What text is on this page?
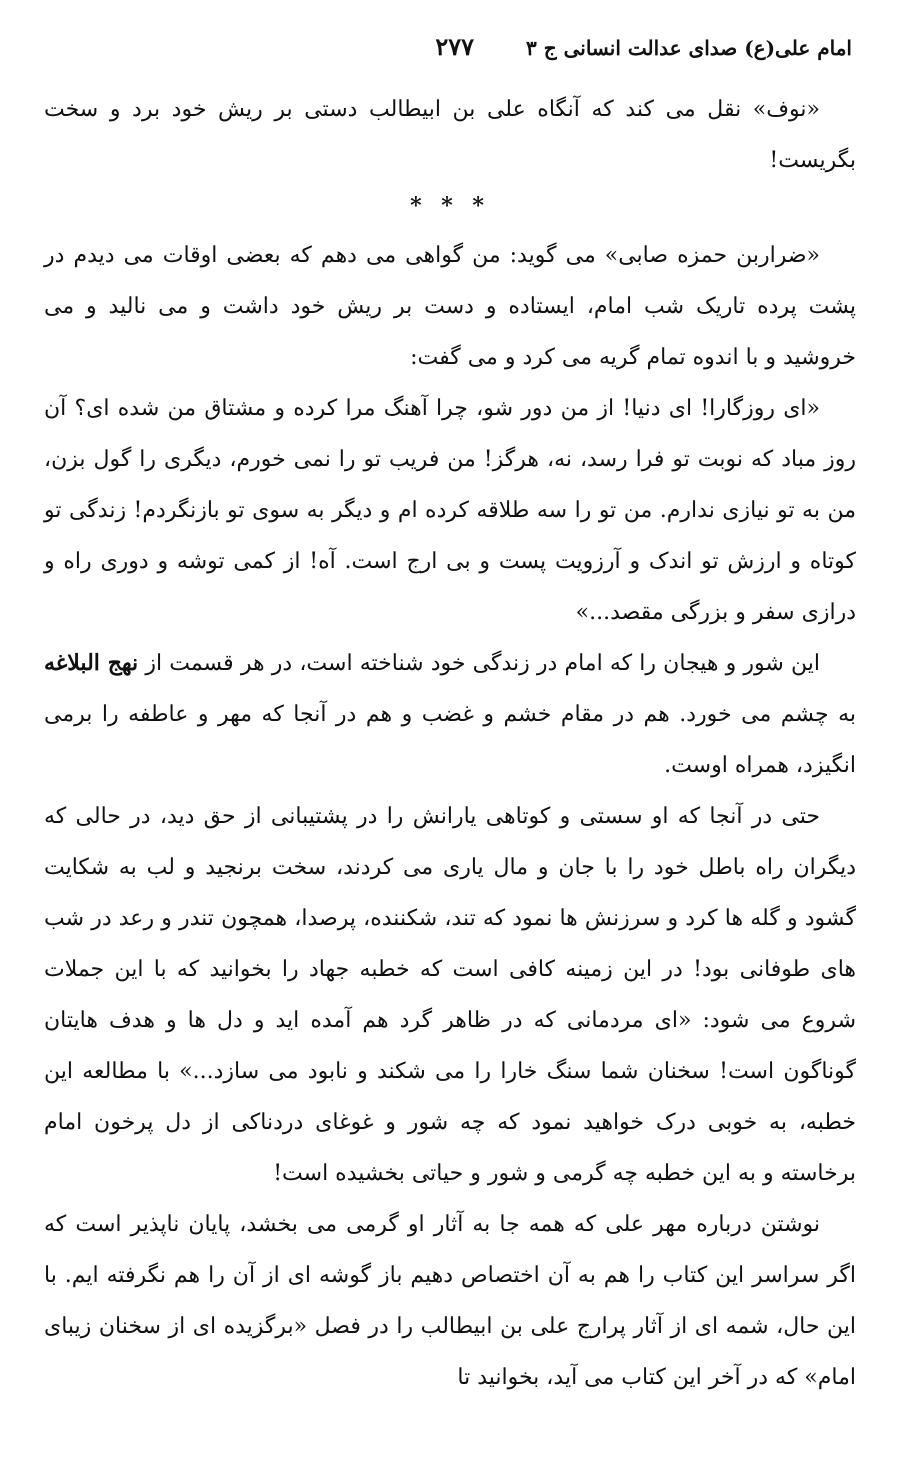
امام علی(ع) صدای عدالت انسانی ج ۳
۲۷۷

«نوف» نقل می کند که آنگاه علی بن ابیطالب دستی بر ریش خود برد و سخت بگریست!

* * *

«ضراربن حمزه صابی» می گوید: من گواهی می دهم که بعضی اوقات می دیدم در پشت پرده تاریک شب امام، ایستاده و دست بر ریش خود داشت و می نالید و می خروشید و با اندوه تمام گریه می کرد و می گفت:

«ای روزگارا! ای دنیا! از من دور شو، چرا آهنگ مرا کرده و مشتاق من شده ای؟ آن روز مباد که نوبت تو فرا رسد، نه، هرگز! من فریب تو را نمی خورم، دیگری را گول بزن، من به تو نیازی ندارم. من تو را سه طلاقه کرده ام و دیگر به سوی تو بازنگردم! زندگی تو کوتاه و ارزش تو اندک و آرزویت پست و بی ارج است. آه! از کمی توشه و دوری راه و درازی سفر و بزرگی مقصد...»

این شور و هیجان را که امام در زندگی خود شناخته است، در هر قسمت از نهج البلاغه به چشم می خورد. هم در مقام خشم و غضب و هم در آنجا که مهر و عاطفه را برمی انگیزد، همراه اوست.

حتی در آنجا که او سستی و کوتاهی یارانش را در پشتیبانی از حق دید، در حالی که دیگران راه باطل خود را با جان و مال یاری می کردند، سخت برنجید و لب به شکایت گشود و گله ها کرد و سرزنش ها نمود که تند، شکننده، پرصدا، همچون تندر و رعد در شب های طوفانی بود! در این زمینه کافی است که خطبه جهاد را بخوانید که با این جملات شروع می شود: «ای مردمانی که در ظاهر گرد هم آمده اید و دل ها و هدف هایتان گوناگون است! سخنان شما سنگ خارا را می شکند و نابود می سازد...» با مطالعه این خطبه، به خوبی درک خواهید نمود که چه شور و غوغای دردناکی از دل پرخون امام برخاسته و به این خطبه چه گرمی و شور و حیاتی بخشیده است!

نوشتن درباره مهر علی که همه جا به آثار او گرمی می بخشد، پایان ناپذیر است که اگر سراسر این کتاب را هم به آن اختصاص دهیم باز گوشه ای از آن را هم نگرفته ایم. با این حال، شمه ای از آثار پرارج علی بن ابیطالب را در فصل «برگزیده ای از سخنان زیبای امام» که در آخر این کتاب می آید، بخوانید تا
